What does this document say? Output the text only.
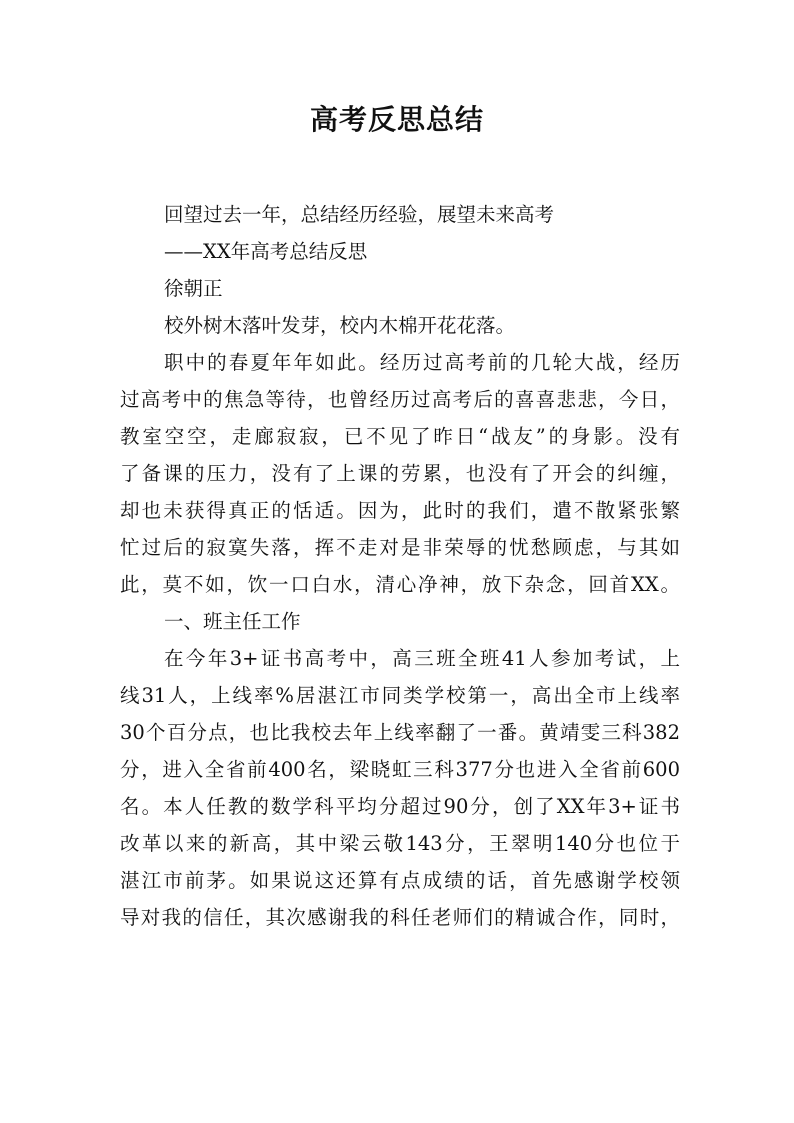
高考反思总结
回望过去一年，总结经历经验，展望未来高考
——XX年高考总结反思
徐朝正
校外树木落叶发芽，校内木棉开花花落。
职中的春夏年年如此。经历过高考前的几轮大战，经历
过高考中的焦急等待，也曾经历过高考后的喜喜悲悲，今日，
教室空空，走廊寂寂，已不见了昨日“战友”的身影。没有
了备课的压力，没有了上课的劳累，也没有了开会的纠缠，
却也未获得真正的恬适。因为，此时的我们，遣不散紧张繁
忙过后的寂寞失落，挥不走对是非荣辱的忧愁顾虑，与其如
此，莫不如，饮一口白水，清心净神，放下杂念，回首XX。
一、班主任工作
在今年3+证书高考中，高三班全班41人参加考试，上
线31人，上线率%居湛江市同类学校第一，高出全市上线率
30个百分点，也比我校去年上线率翻了一番。黄靖雯三科382
分，进入全省前400名，梁晓虹三科377分也进入全省前600
名。本人任教的数学科平均分超过90分，创了XX年3+证书
改革以来的新高，其中梁云敬143分，王翠明140分也位于
湛江市前茅。如果说这还算有点成绩的话，首先感谢学校领
导对我的信任，其次感谢我的科任老师们的精诚合作，同时，
